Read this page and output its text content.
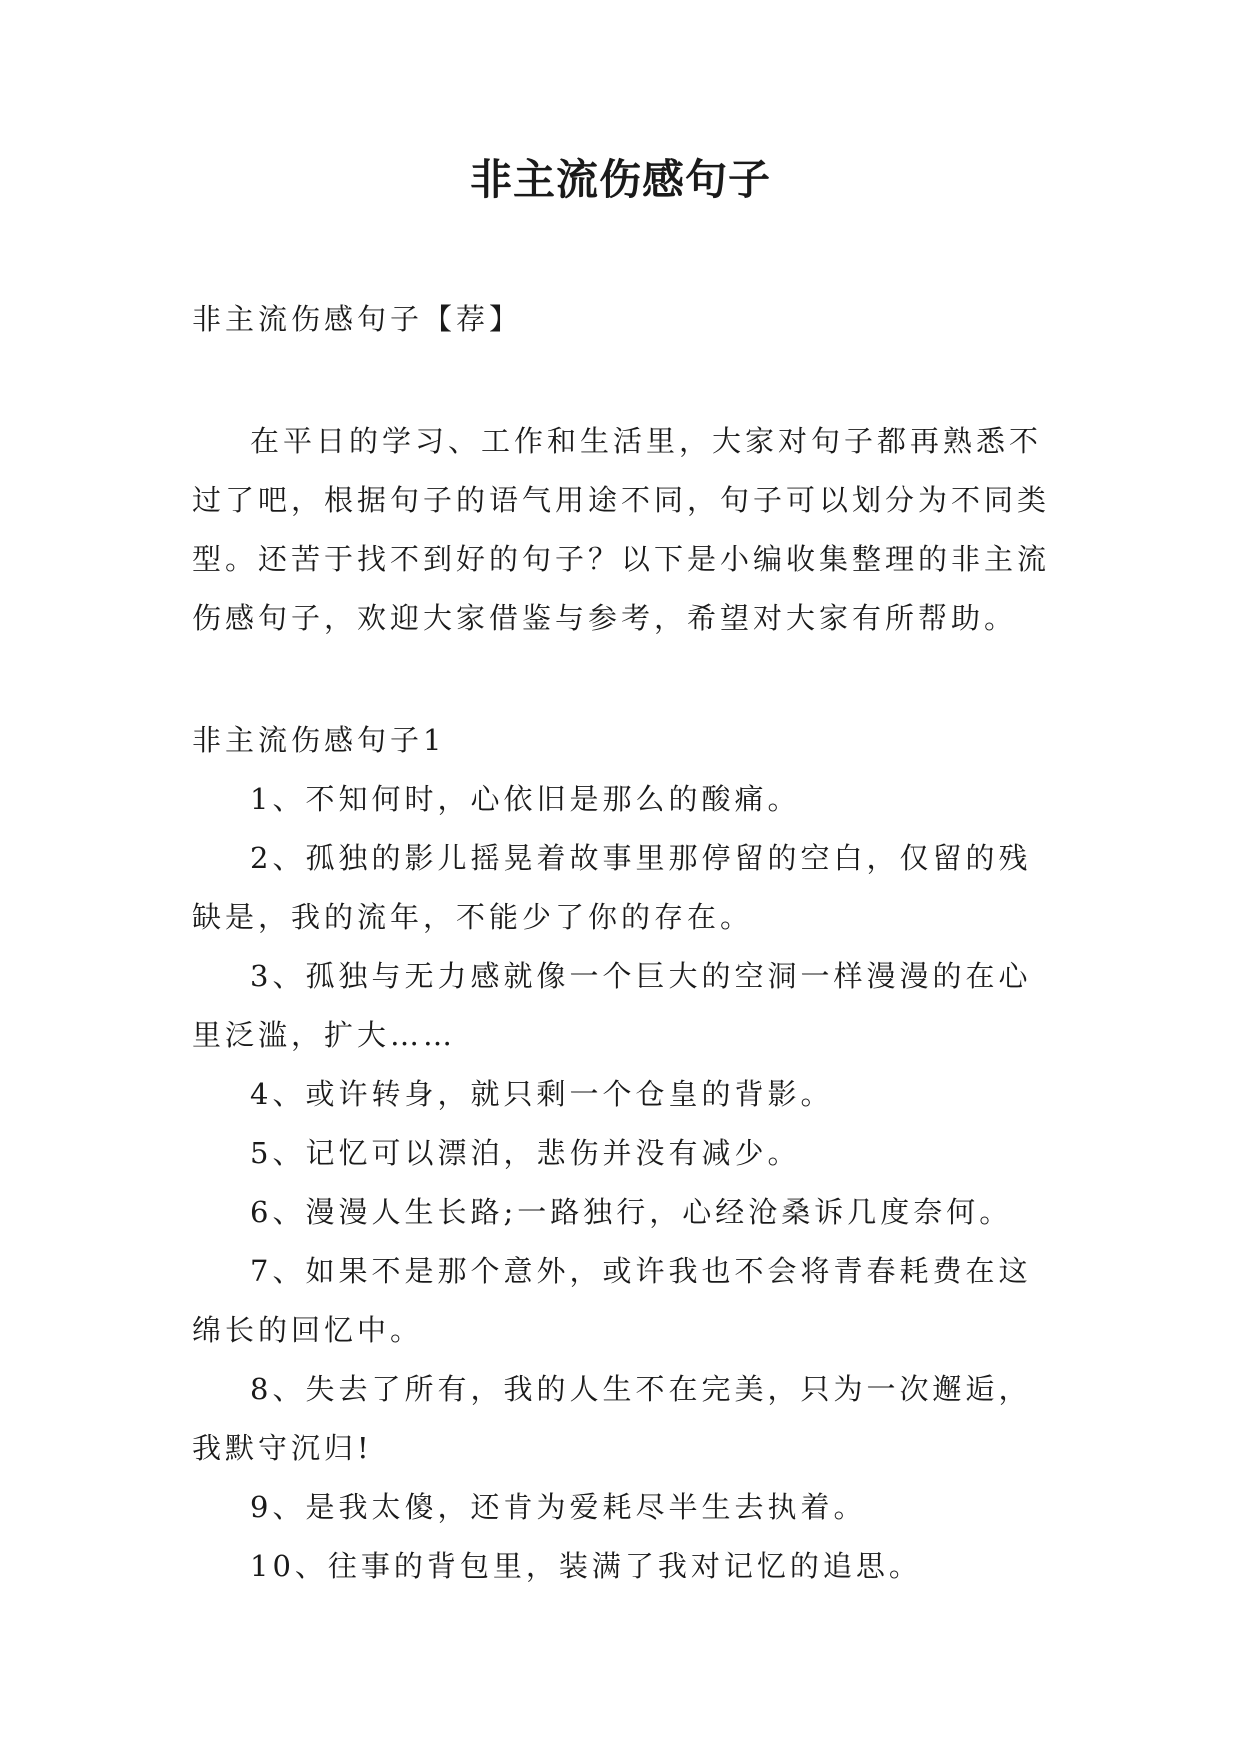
非主流伤感句子

非主流伤感句子【荐】

在平日的学习、工作和生活里，大家对句子都再熟悉不过了吧，根据句子的语气用途不同，句子可以划分为不同类型。还苦于找不到好的句子？以下是小编收集整理的非主流伤感句子，欢迎大家借鉴与参考，希望对大家有所帮助。

非主流伤感句子1

1、不知何时，心依旧是那么的酸痛。

2、孤独的影儿摇晃着故事里那停留的空白，仅留的残缺是，我的流年，不能少了你的存在。

3、孤独与无力感就像一个巨大的空洞一样漫漫的在心里泛滥，扩大……

4、或许转身，就只剩一个仓皇的背影。

5、记忆可以漂泊，悲伤并没有减少。

6、漫漫人生长路;一路独行，心经沧桑诉几度奈何。

7、如果不是那个意外，或许我也不会将青春耗费在这绵长的回忆中。

8、失去了所有，我的人生不在完美，只为一次邂逅，我默守沉归!

9、是我太傻，还肯为爱耗尽半生去执着。

10、往事的背包里，装满了我对记忆的追思。
